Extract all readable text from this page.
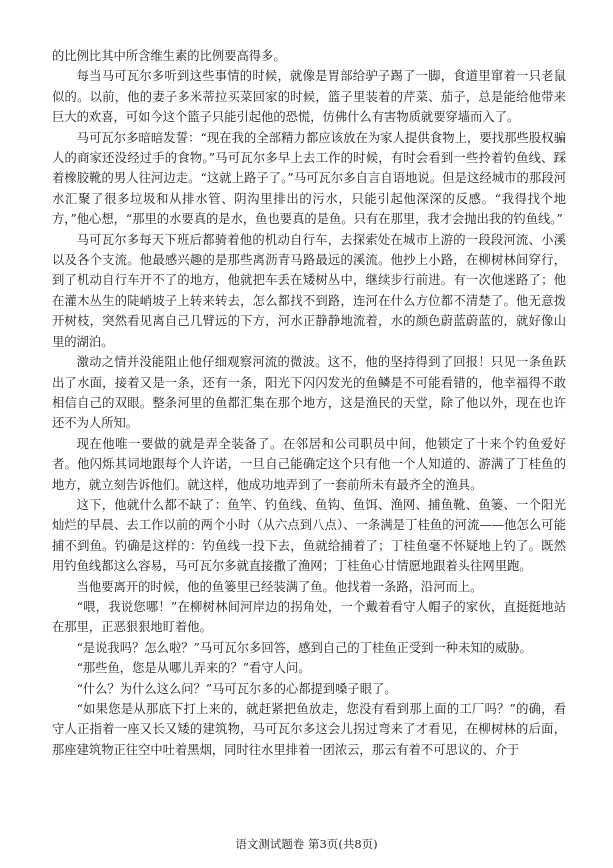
的比例比其中所含维生素的比例要高得多。

每当马可瓦尔多听到这些事情的时候，就像是胃部给驴子踢了一脚，食道里窜着一只老鼠似的。以前，他的妻子多米蒂拉买菜回家的时候，篮子里装着的芹菜、茄子，总是能给他带来巨大的欢喜，可如今这个篮子只能引起他的恐慌，仿佛什么有害物质就要穿墙而入了。

马可瓦尔多暗暗发誓：“现在我的全部精力都应该放在为家人提供食物上，要找那些股权骗人的商家还没经过手的食物。”马可瓦尔多早上去工作的时候，有时会看到一些拎着钓鱼线、踩着橡胶靴的男人往河边走。“这就上路子了。”马可瓦尔多自言自语地说。但是这经城市的那段河水汇聚了很多垃圾和从排水管、阴沟里排出的污水，只能引起他深深的反感。“我得找个地方，”他心想，“那里的水要真的是水，鱼也要真的是鱼。只有在那里，我才会抛出我的钓鱼线。”

马可瓦尔多每天下班后都骑着他的机动自行车，去探索处在城市上游的一段段河流、小溪以及各个支流。他最感兴趣的是那些离沥青马路最远的溪流。他抄上小路，在柳树林间穿行，到了机动自行车开不了的地方，他就把车丢在矮树丛中，继续步行前进。有一次他迷路了；他在灌木丛生的陡峭坡子上转来转去，怎么都找不到路，连河在什么方位都不清楚了。他无意拨开树枝，突然看见离自己几臂远的下方，河水正静静地流着，水的颜色蔚蓝蔚蓝的，就好像山里的湖泊。

激动之情并没能阻止他仔细观察河流的微波。这不，他的坚持得到了回报！只见一条鱼跃出了水面，接着又是一条，还有一条，阳光下闪闪发光的鱼鳞是不可能看错的，他幸福得不敢相信自己的双眼。整条河里的鱼都汇集在那个地方，这是渔民的天堂，除了他以外，现在也许还不为人所知。

现在他唯一要做的就是弄全装备了。在邻居和公司职员中间，他锁定了十来个钓鱼爱好者。他闪烁其词地跟每个人许诺，一旦自己能确定这个只有他一个人知道的、游满了丁桂鱼的地方，就立刻告诉他们。就这样，他成功地弄到了一套前所未有最齐全的渔具。

这下，他就什么都不缺了：鱼竿、钓鱼线、鱼钩、鱼饵、渔网、捕鱼靴、鱼篓、一个阳光灿烂的早晨、去工作以前的两个小时（从六点到八点）、一条满是丁桂鱼的河流——他怎么可能捕不到鱼。钓确是这样的：钓鱼线一投下去，鱼就给捕着了；丁桂鱼毫不怀疑地上钓了。既然用钓鱼线都这么容易，马可瓦尔多就直接撒了渔网；丁桂鱼心甘情愿地跟着头往网里跑。

当他要离开的时候，他的鱼篓里已经装满了鱼。他找着一条路，沿河而上。

“喂，我说您哪！”在柳树林间河岸边的拐角处，一个戴着看守人帽子的家伙，直挺挺地站在那里，正恶狠狠地盯着他。

“是说我吗？怎么啦？”马可瓦尔多回答，感到自己的丁桂鱼正受到一种未知的威胁。

“那些鱼，您是从哪儿弄来的？”看守人问。

“什么？为什么这么问？”马可瓦尔多的心都提到嗓子眼了。

“如果您是从那底下打上来的，就赶紧把鱼放走，您没有看到那上面的工厂吗？”的确，看守人正指着一座又长又矮的建筑物，马可瓦尔多这会儿拐过弯来了才看见，在柳树林的后面，那座建筑物正往空中吐着黑烟，同时往水里排着一团浓云，那云有着不可思议的、介于

语文测试题卷 第3页(共8页)
